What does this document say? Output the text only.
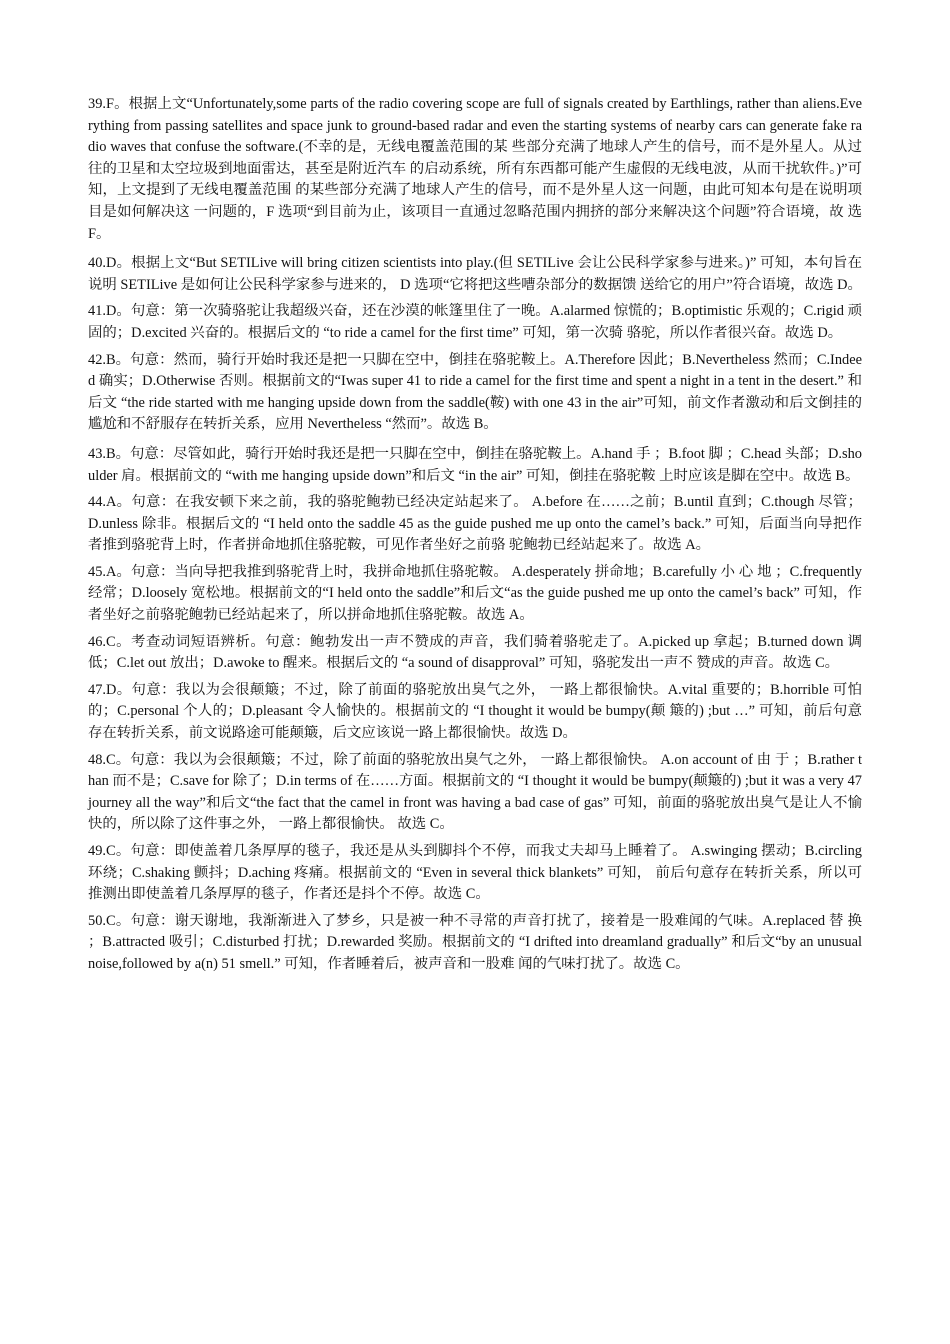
39.F。根据上文“Unfortunately,some parts of the radio covering scope are full of signals created by Earthlings, rather than aliens.Everything from passing satellites and space junk to ground-based radar and even the starting systems of nearby cars can generate fake radio waves that confuse the software.(不幸的是，无线电覆盖范围的某 些部分充满了地球人产生的信号，而不是外星人。从过往的卫星和太空垃圾到地面雷达，甚至是附近汽车 的启动系统，所有东西都可能产生虚假的无线电波，从而干扰软件。)”可知，上文提到了无线电覆盖范围 的某些部分充满了地球人产生的信号，而不是外星人这一问题，由此可知本句是在说明项目是如何解决这 一问题的，F 选项“到目前为止，该项目一直通过忽略范围内拥挤的部分来解决这个问题”符合语境，故 选 F。

40.D。根据上文“But SETILive will bring citizen scientists into play.(但 SETILive 会让公民科学家参与进来。)” 可知，本句旨在说明 SETILive 是如何让公民科学家参与进来的， D 选项“它将把这些嘈杂部分的数据馈 送给它的用户”符合语境，故选 D。

41.D。句意：第一次骑骆驼让我超级兴奋，还在沙漠的帐篷里住了一晚。A.alarmed 惊慌的；B.optimistic 乐观的；C.rigid 顽固的；D.excited 兴奋的。根据后文的 “to ride a camel for the first time” 可知，第一次骑 骆驼，所以作者很兴奋。故选 D。

42.B。句意：然而，骑行开始时我还是把一只脚在空中，倒挂在骆驼鞍上。A.Therefore 因此；B.Nevertheless 然而；C.Indeed 确实；D.Otherwise 否则。根据前文的“Iwas super 41 to ride a camel for the first time and spent a night in a tent in the desert.” 和后文 “the ride started with me hanging upside down from the saddle(鞍) with one 43 in the air”可知，前文作者激动和后文倒挂的尴尬和不舒服存在转折关系，应用 Nevertheless “然而”。故选 B。

43.B。句意：尽管如此，骑行开始时我还是把一只脚在空中，倒挂在骆驼鞍上。A.hand 手 ；B.foot 脚 ；C.head 头部；D.shoulder 肩。根据前文的 “with me hanging upside down”和后文 “in the air” 可知，倒挂在骆驼鞍 上时应该是脚在空中。故选 B。

44.A。句意：在我安顿下来之前，我的骆驼鲍勃已经决定站起来了。 A.before 在……之前；B.until 直到；C.though 尽管；D.unless 除非。根据后文的 “I held onto the saddle 45 as the guide pushed me up onto the camel’s back.” 可知，后面当向导把作者推到骆驼背上时，作者拼命地抓住骆驼鞍，可见作者坐好之前骆 驼鲍勃已经站起来了。故选 A。

45.A。句意：当向导把我推到骆驼背上时，我拼命地抓住骆驼鞍。 A.desperately 拼命地；B.carefully 小 心 地 ；C.frequently 经常；D.loosely 宽松地。根据前文的“I held onto the saddle”和后文“as the guide pushed me up onto the camel’s back” 可知，作者坐好之前骆驼鲍勃已经站起来了，所以拼命地抓住骆驼鞍。故选 A。

46.C。考查动词短语辨析。句意：鲍勃发出一声不赞成的声音，我们骑着骆驼走了。A.picked up 拿起；B.turned down 调低；C.let out 放出；D.awoke to 醒来。根据后文的 “a sound of disapproval” 可知，骆驼发出一声不 赞成的声音。故选 C。

47.D。句意：我以为会很颠簸；不过，除了前面的骆驼放出臭气之外， 一路上都很愉快。A.vital 重要的；B.horrible 可怕的；C.personal 个人的；D.pleasant 令人愉快的。根据前文的 “I thought it would be bumpy(颠 簸的) ;but …” 可知，前后句意存在转折关系，前文说路途可能颠簸，后文应该说一路上都很愉快。故选 D。

48.C。句意：我以为会很颠簸；不过，除了前面的骆驼放出臭气之外， 一路上都很愉快。 A.on account of 由 于 ；B.rather than 而不是；C.save for 除了；D.in terms of 在……方面。根据前文的 “I thought it would be bumpy(颠簸的) ;but it was a very 47 journey all the way”和后文“the fact that the camel in front was having a bad case of gas” 可知，前面的骆驼放出臭气是让人不愉快的，所以除了这件事之外， 一路上都很愉快。 故选 C。

49.C。句意：即使盖着几条厚厚的毯子，我还是从头到脚抖个不停，而我丈夫却马上睡着了。 A.swinging 摆动；B.circling 环绕；C.shaking 颤抖；D.aching 疼痛。根据前文的 “Even in several thick blankets” 可知， 前后句意存在转折关系，所以可推测出即使盖着几条厚厚的毯子，作者还是抖个不停。故选 C。

50.C。句意：谢天谢地，我渐渐进入了梦乡，只是被一种不寻常的声音打扰了，接着是一股难闻的气味。A.replaced 替 换 ；B.attracted 吸引；C.disturbed 打扰；D.rewarded 奖励。根据前文的 “I drifted into dreamland gradually” 和后文“by an unusual noise,followed by a(n) 51 smell.” 可知，作者睡着后，被声音和一股难 闻的气味打扰了。故选 C。
